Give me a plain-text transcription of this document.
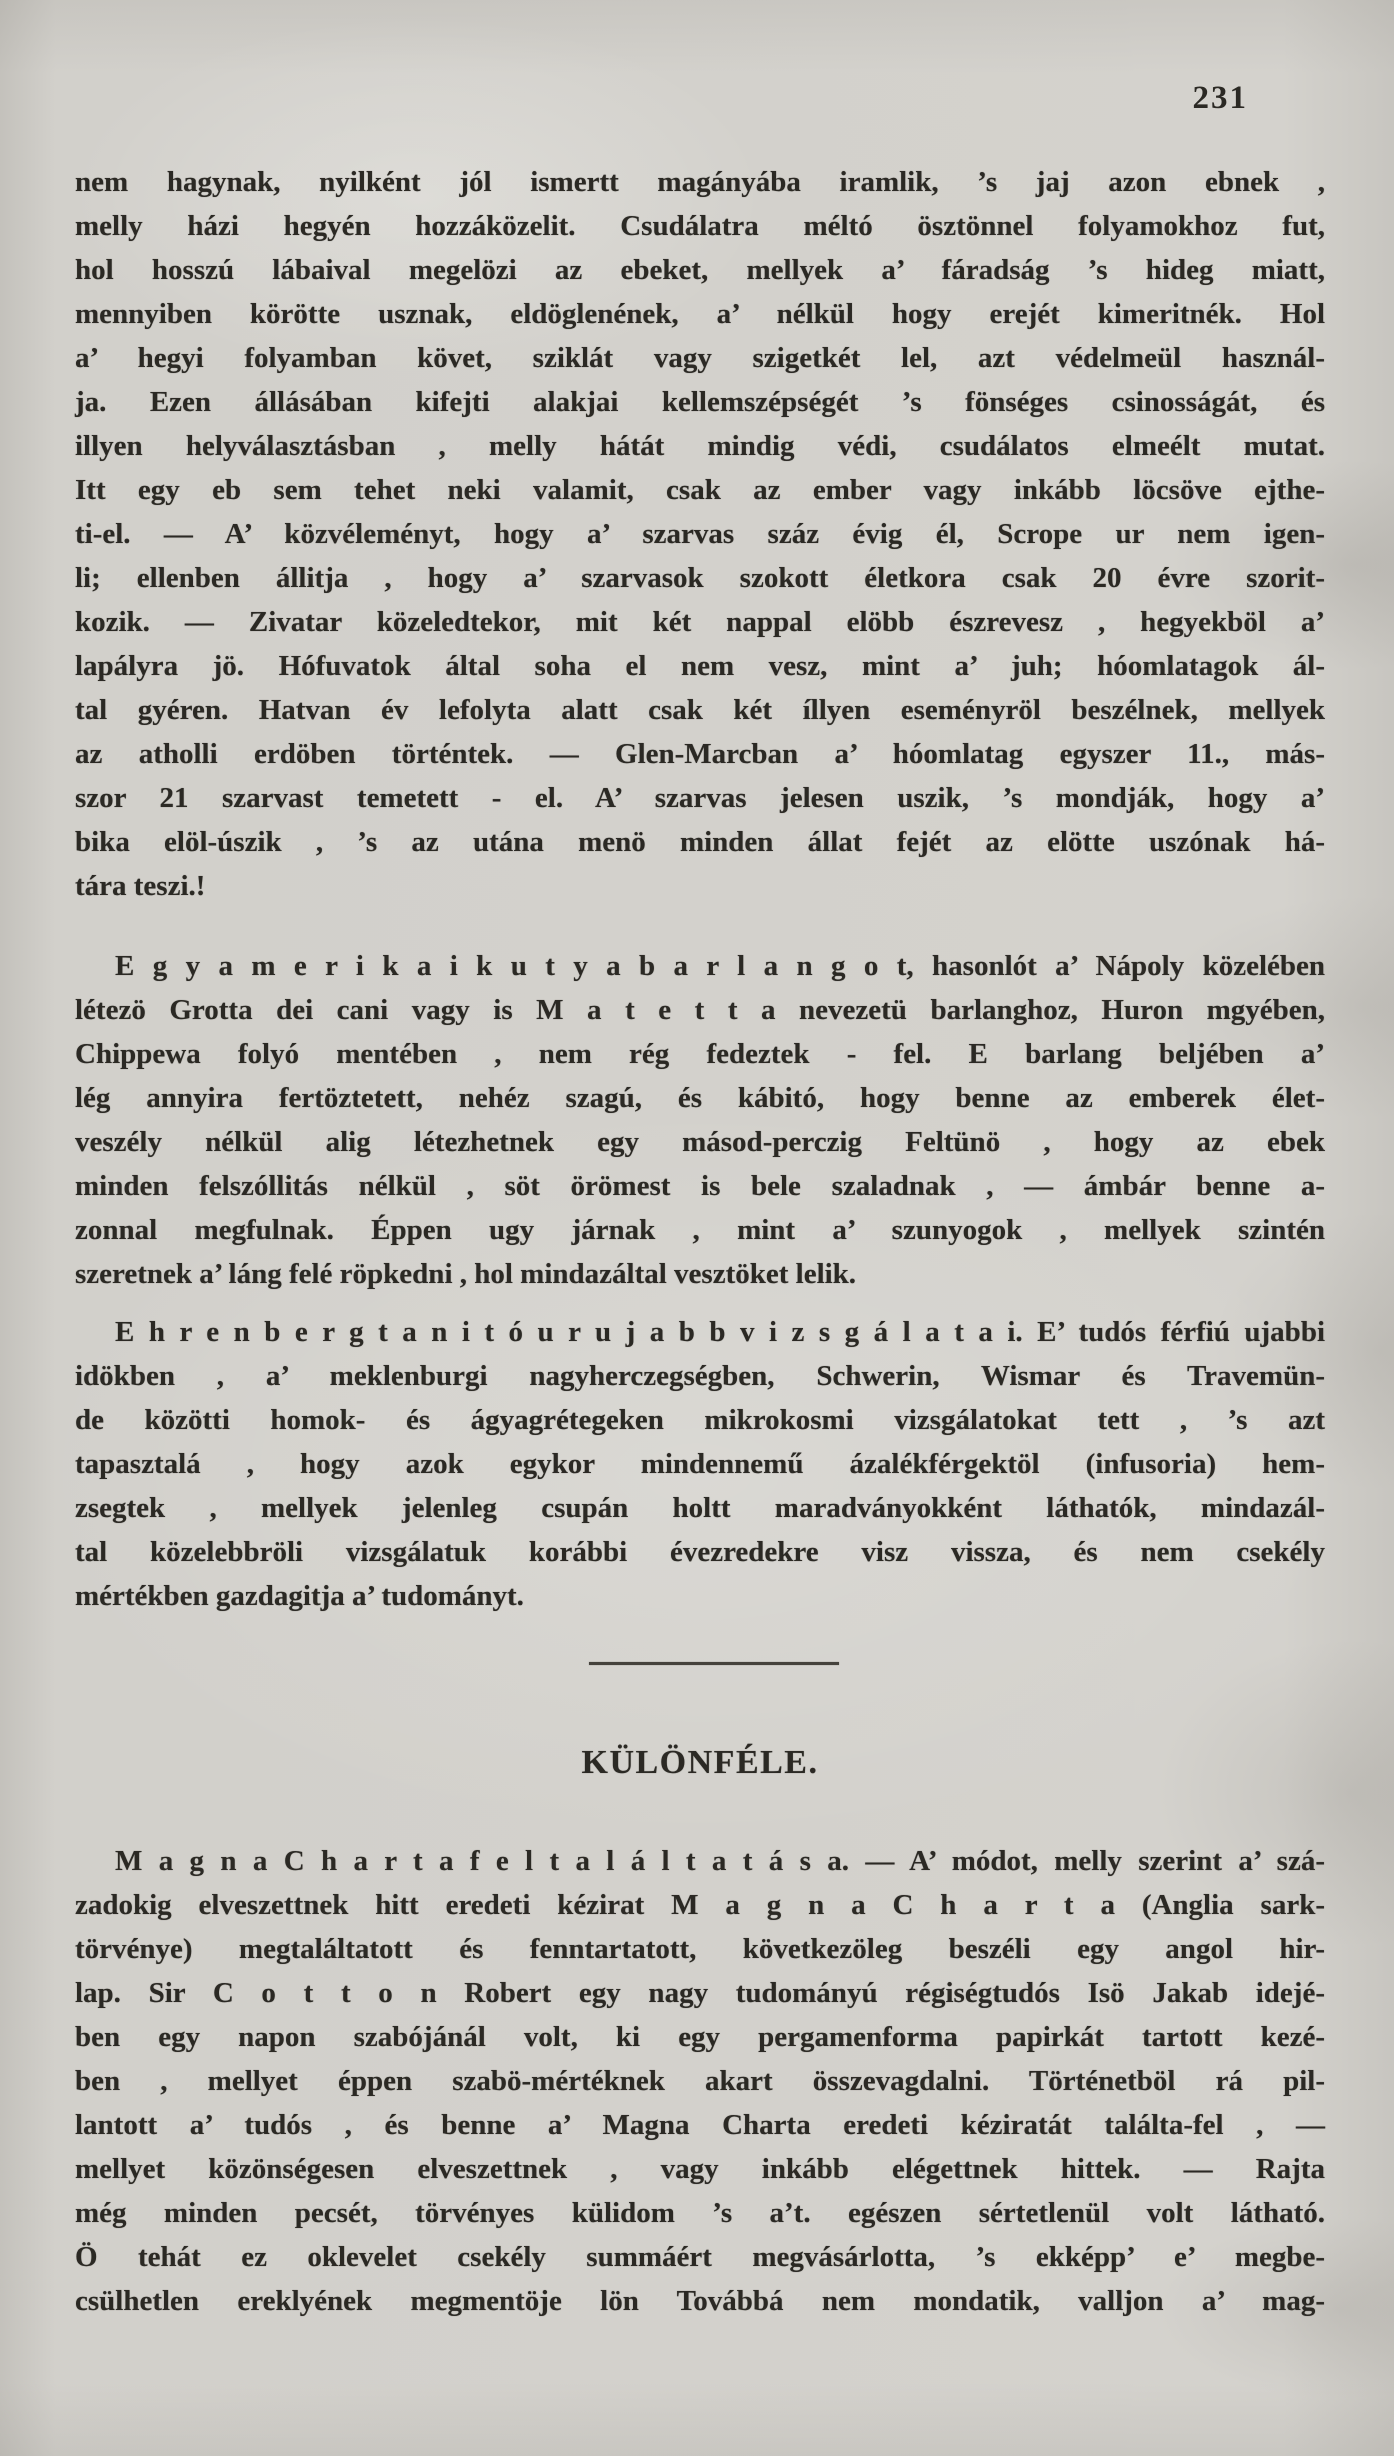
231
nem hagynak, nyilként jól ismertt magányába iramlik, ’s jaj azon ebnek ,
melly házi hegyén hozzáközelit. Csudálatra méltó ösztönnel folyamokhoz fut,
hol hosszú lábaival megelözi az ebeket, mellyek a’ fáradság ’s hideg miatt,
mennyiben körötte usznak, eldöglenének, a’ nélkül hogy erejét kimeritnék. Hol
a’ hegyi folyamban követ, sziklát vagy szigetkét lel, azt védelmeül használ-
ja. Ezen állásában kifejti alakjai kellemszépségét ’s fönséges csinosságát, és
illyen helyválasztásban , melly hátát mindig védi, csudálatos elmeélt mutat.
Itt egy eb sem tehet neki valamit, csak az ember vagy inkább löcsöve ejthe-
ti-el. — A’ közvéleményt, hogy a’ szarvas száz évig él, Scrope ur nem igen-
li; ellenben állitja , hogy a’ szarvasok szokott életkora csak 20 évre szorit-
kozik. — Zivatar közeledtekor, mit két nappal elöbb észrevesz , hegyekböl a’
lapályra jö. Hófuvatok által soha el nem vesz, mint a’ juh; hóomlatagok ál-
tal gyéren. Hatvan év lefolyta alatt csak két íllyen eseményröl beszélnek, mellyek
az atholli erdöben történtek. — Glen-Marcban a’ hóomlatag egyszer 11., más-
szor 21 szarvast temetett - el. A’ szarvas jelesen uszik, ’s mondják, hogy a’
bika elöl-úszik , ’s az utána menö minden állat fejét az elötte uszónak há-
tára teszi.!
E g y a m e r i k a i k u t y a b a r l a n g o t, hasonlót a’ Nápoly közelében
létezö Grotta dei cani vagy is M a t e t t a nevezetü barlanghoz, Huron mgyében,
Chippewa folyó mentében , nem rég fedeztek - fel. E barlang beljében a’
lég annyira fertöztetett, nehéz szagú, és kábitó, hogy benne az emberek élet-
veszély nélkül alig létezhetnek egy másod-perczig Feltünö , hogy az ebek
minden felszóllitás nélkül , söt örömest is bele szaladnak , — ámbár benne a-
zonnal megfulnak. Éppen ugy járnak , mint a’ szunyogok , mellyek szintén
szeretnek a’ láng felé röpkedni , hol mindazáltal vesztöket lelik.
E h r e n b e r g t a n i t ó u r u j a b b v i z s g á l a t a i. E’ tudós férfiú ujabbi
idökben , a’ meklenburgi nagyherczegségben, Schwerin, Wismar és Travemün-
de közötti homok- és ágyagrétegeken mikrokosmi vizsgálatokat tett , ’s azt
tapasztalá , hogy azok egykor mindennemű ázalékférgektöl (infusoria) hem-
zsegtek , mellyek jelenleg csupán holtt maradványokként láthatók, mindazál-
tal közelebbröli vizsgálatuk korábbi évezredekre visz vissza, és nem csekély
mértékben gazdagitja a’ tudományt.
KÜLÖNFÉLE.
M a g n a C h a r t a f e l t a l á l t a t á s a. — A’ módot, melly szerint a’ szá-
zadokig elveszettnek hitt eredeti kézirat M a g n a C h a r t a (Anglia sark-
törvénye) megtaláltatott és fenntartatott, következöleg beszéli egy angol hir-
lap. Sir C o t t o n Robert egy nagy tudományú régiségtudós Isö Jakab idejé-
ben egy napon szabójánál volt, ki egy pergamenforma papirkát tartott kezé-
ben , mellyet éppen szabö-mértéknek akart összevagdalni. Történetböl rá pil-
lantott a’ tudós , és benne a’ Magna Charta eredeti kéziratát találta-fel , —
mellyet közönségesen elveszettnek , vagy inkább elégettnek hittek. — Rajta
még minden pecsét, törvényes külidom ’s a’t. egészen sértetlenül volt látható.
Ö tehát ez oklevelet csekély summáért megvásárlotta, ’s ekképp’ e’ megbe-
csülhetlen ereklyének megmentöje lön Továbbá nem mondatik, valljon a’ mag-
